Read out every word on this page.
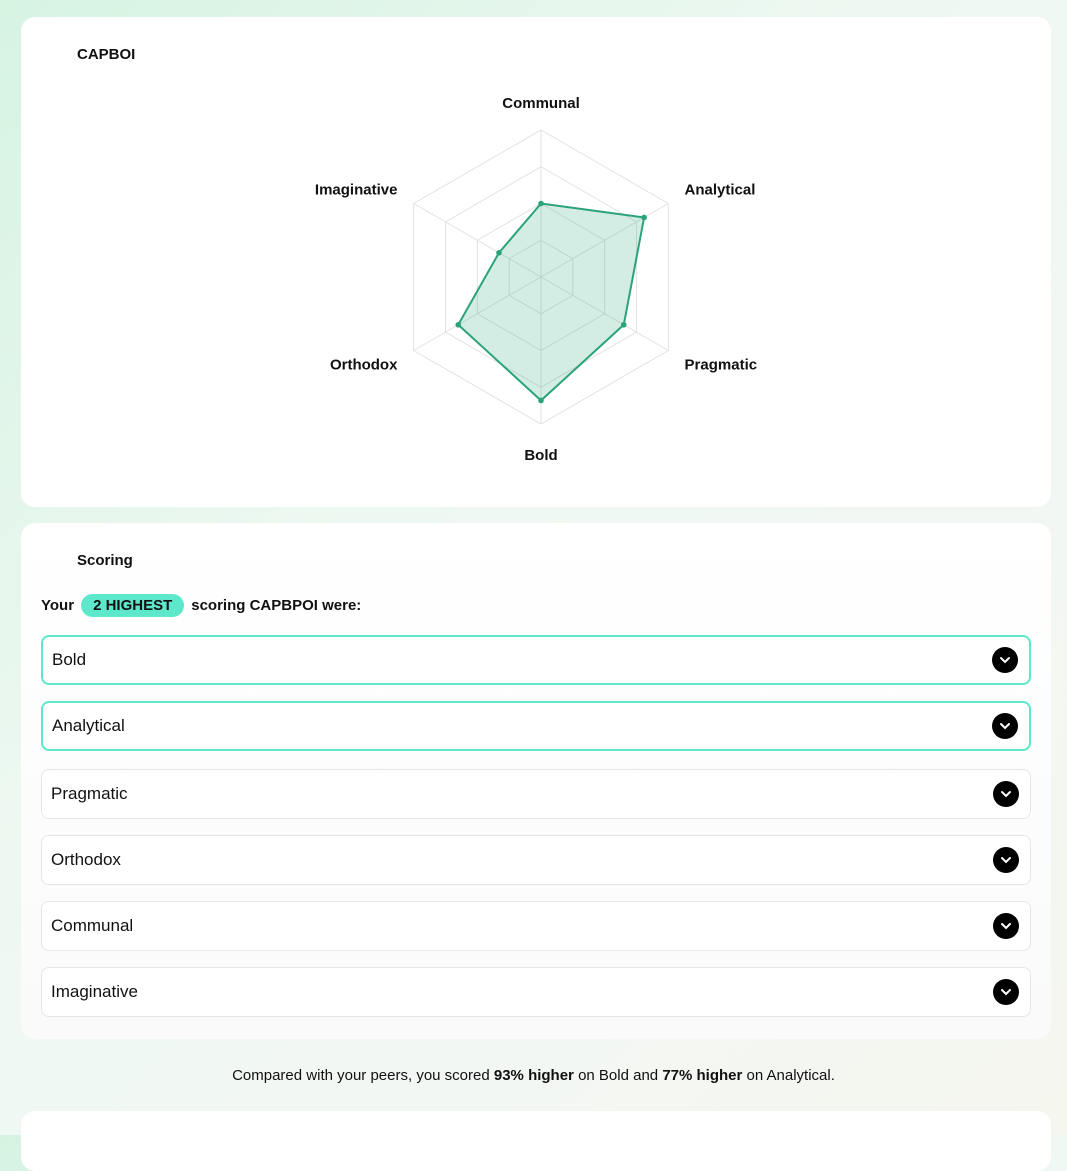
CAPBOI
Communal
Analytical
Pragmatic
Bold
Orthodox
Imaginative
Scoring
Your	2 HIGHEST	scoring CAPBPOI were:
Bold
Analytical
Pragmatic
Orthodox
Communal
Imaginative
Compared with your peers, you scored 93% higher on Bold and 77% higher on Analytical.
